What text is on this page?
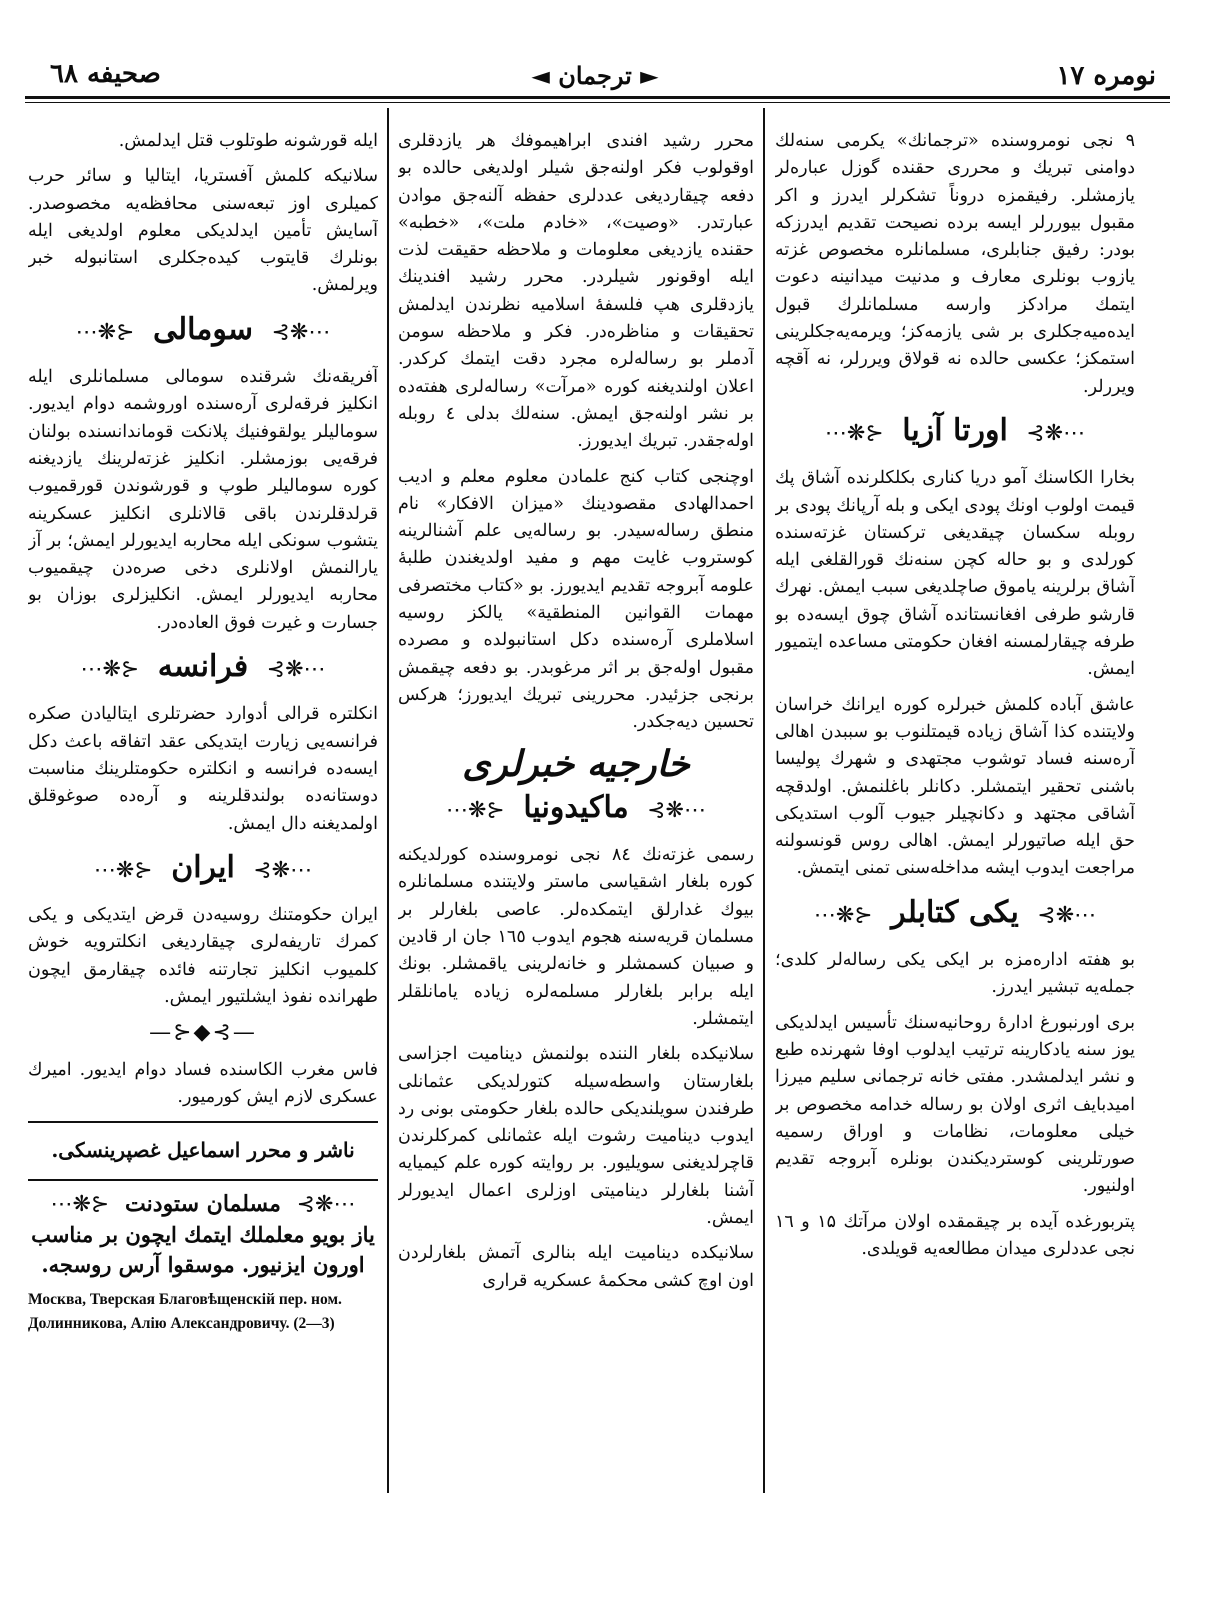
نومره ١٧
► ترجمان ◄
صحیفه ٦٨

۹ نجی نومروسنده «ترجمانك» یکرمی سنه‌لك دوامنی تبریك و محرری حقنده گوزل عباره‌لر یازمشلر. رفیقمزه دروناً تشکرلر ایدرز و اکر مقبول بیوررلر ایسه برده نصیحت تقدیم ایدرزکه بودر: رفیق جنابلری، مسلمانلره مخصوص غزته یازوب بونلری معارف و مدنیت میدانینه دعوت ایتمك مرادکز وارسه مسلمانلرك قبول ایده‌میه‌جکلری بر شی یازمه‌کز؛ ویرمه‌یه‌جکلرینی استمکز؛ عکسی حالده نه قولاق ویررلر، نه آقچه ویررلر.

⋯❋⊱ اورتا آزیا ⊰❋⋯

بخارا الکاسنك آمو دریا کناری بکلکلرنده آشاق پك قیمت اولوب اونك پودی ایکی و بله آرپانك پودی بر روبله سکسان چیقدیغی ترکستان غزته‌سنده کورلدی و بو حاله کچن سنه‌نك قورالقلغی ایله آشاق برلرینه یاموق صاچلدیغی سبب ایمش. نهرك قارشو طرفی افغانستانده آشاق چوق ایسه‌ده بو طرفه چیقارلمسنه افغان حکومتی مساعده ایتمیور ایمش.

عاشق آباده کلمش خبرلره کوره ایرانك خراسان ولایتنده کذا آشاق زیاده قیمتلنوب بو سببدن اهالی آره‌سنه فساد توشوب مجتهدی و شهرك پولیسا باشنی تحقیر ایتمشلر. دکانلر باغلنمش. اولدقچه آشاقی مجتهد و دکانچیلر جیوب آلوب استدیکی حق ایله صاتیورلر ایمش. اهالی روس قونسولنه مراجعت ایدوب ایشه مداخله‌سنی تمنی ایتمش.

⋯❋⊱ یکی کتابلر ⊰❋⋯

بو هفته اداره‌مزه بر ایکی یکی رساله‌لر کلدی؛ جمله‌یه تبشیر ایدرز.

بری اورنبورغ ادارهٔ روحانیه‌سنك تأسیس ایدلدیکی یوز سنه یادکارینه ترتیب ایدلوب اوفا شهرنده طبع و نشر ایدلمشدر. مفتی خانه ترجمانی سلیم میرزا امیدبایف اثری اولان بو رساله خدامه مخصوص بر خیلی معلومات، نظامات و اوراق رسمیه صورتلرینی کوستردیکندن بونلره آبروجه تقدیم اولنیور.

پتربورغده آیده بر چیقمقده اولان مرآتك ۱۵ و ۱٦ نجی عددلری میدان مطالعه‌یه قویلدی.

محرر رشید افندی ابراهیموفك هر یازدقلری اوقولوب فکر اولنه‌جق شیلر اولدیغی حالده بو دفعه چیقاردیغی عددلری حفظه آلنه‌جق موادن عبارتدر. «وصیت»، «خادم ملت»، «خطبه» حقنده یازدیغی معلومات و ملاحظه حقیقت لذت ایله اوقونور شیلردر. محرر رشید افندینك یازدقلری هپ فلسفهٔ اسلامیه نظرندن ایدلمش تحقیقات و مناظره‌در. فکر و ملاحظه سومن آدملر بو رساله‌لره مجرد دقت ایتمك کرکدر. اعلان اولندیغنه کوره «مرآت» رساله‌لری هفته‌ده بر نشر اولنه‌جق ایمش. سنه‌لك بدلی ٤ روبله اوله‌جقدر. تبریك ایدیورز.

اوچنجی کتاب کنج علمادن معلوم معلم و ادیب احمدالهادی مقصودینك «میزان الافکار» نام منطق رساله‌سیدر. بو رساله‌یی علم آشنالرینه کوستروب غایت مهم و مفید اولدیغندن طلبهٔ علومه آبروجه تقدیم ایدیورز. بو «کتاب مختصرفی مهمات القوانین المنطقیة» یالکز روسیه اسلاملری آره‌سنده دکل استانبولده و مصرده مقبول اوله‌جق بر اثر مرغوبدر. بو دفعه چیقمش برنجی جزئیدر. محررینی تبریك ایدیورز؛ هرکس تحسین دیه‌جکدر.

خارجیه خبرلری
⋯❋⊱ ماکیدونیا ⊰❋⋯

رسمی غزته‌نك ٨٤ نجی نومروسنده کورلدیکنه کوره بلغار اشقیاسی ماستر ولایتنده مسلمانلره بیوك غدارلق ایتمکده‌لر. عاصی بلغارلر بر مسلمان قریه‌سنه هجوم ایدوب ١٦٥ جان ار قادین و صبیان کسمشلر و خانه‌لرینی یاقمشلر. بونك ایله برابر بلغارلر مسلمه‌لره زیاده یامانلقلر ایتمشلر.

سلانیکده بلغار الننده بولنمش دینامیت اجزاسی بلغارستان واسطه‌سیله کتورلدیکی عثمانلی طرفندن سویلندیکی حالده بلغار حکومتی بونی رد ایدوب دینامیت رشوت ایله عثمانلی کمرکلرندن قاچرلدیغنی سویلیور. بر روایته کوره علم کیمیایه آشنا بلغارلر دینامیتی اوزلری اعمال ایدیورلر ایمش.

سلانیکده دینامیت ایله بنالری آتمش بلغارلردن اون اوچ کشی محکمهٔ عسکریه قراری

ایله قورشونه طوتلوب قتل ایدلمش.

سلانیکه کلمش آفستریا، ایتالیا و سائر حرب کمیلری اوز تبعه‌سنی محافظه‌یه مخصوصدر. آسایش تأمین ایدلدیکی معلوم اولدیغی ایله بونلرك قایتوب کیده‌جکلری استانبوله خبر ویرلمش.

⋯❋⊱ سومالی ⊰❋⋯

آفریقه‌نك شرقنده سومالی مسلمانلری ایله انکلیز فرقه‌لری آره‌سنده اوروشمه دوام ایدیور. سومالیلر یولقوفنیك پلانکت قوماندانسنده بولنان فرقه‌یی بوزمشلر. انکلیز غزته‌لرینك یازدیغنه کوره سومالیلر طوپ و قورشوندن قورقمیوب قرلدقلرندن باقی قالانلری انکلیز عسکرینه یتشوب سونکی ایله محاربه ایدیورلر ایمش؛ بر آز یارالنمش اولانلری دخی صره‌دن چیقمیوب محاربه ایدیورلر ایمش. انکلیزلری بوزان بو جسارت و غیرت فوق العاده‌در.

⋯❋⊱ فرانسه ⊰❋⋯

انکلتره قرالی أدوارد حضرتلری ایتالیادن صکره فرانسه‌یی زیارت ایتدیکی عقد اتفاقه باعث دکل ایسه‌ده فرانسه و انکلتره حکومتلرینك مناسبت دوستانه‌ده بولندقلرینه و آره‌ده صوغوقلق اولمدیغنه دال ایمش.

⋯❋⊱ ایران ⊰❋⋯

ایران حکومتنك روسیه‌دن قرض ایتدیکی و یکی کمرك تاریفه‌لری چیقاردیغی انکلترویه خوش کلمیوب انکلیز تجارتنه فائده چیقارمق ایچون طهرانده نفوذ ایشلتیور ایمش.

—⊱◆⊰—

فاس مغرب الکاسنده فساد دوام ایدیور. امیرك عسکری لازم ایش کورمیور.

ناشر و محرر اسماعیل غصپرینسکی.
⋯❋⊱ مسلمان ستودنت ⊰❋⋯
یاز بویو معلملك ایتمك ایچون بر مناسب اورون ایزنیور. موسقوا آرس روسجه.
Москва, Тверская Благовѣщенскій пер. ном.
Долинникова, Алію Александровичу. (2—3)
